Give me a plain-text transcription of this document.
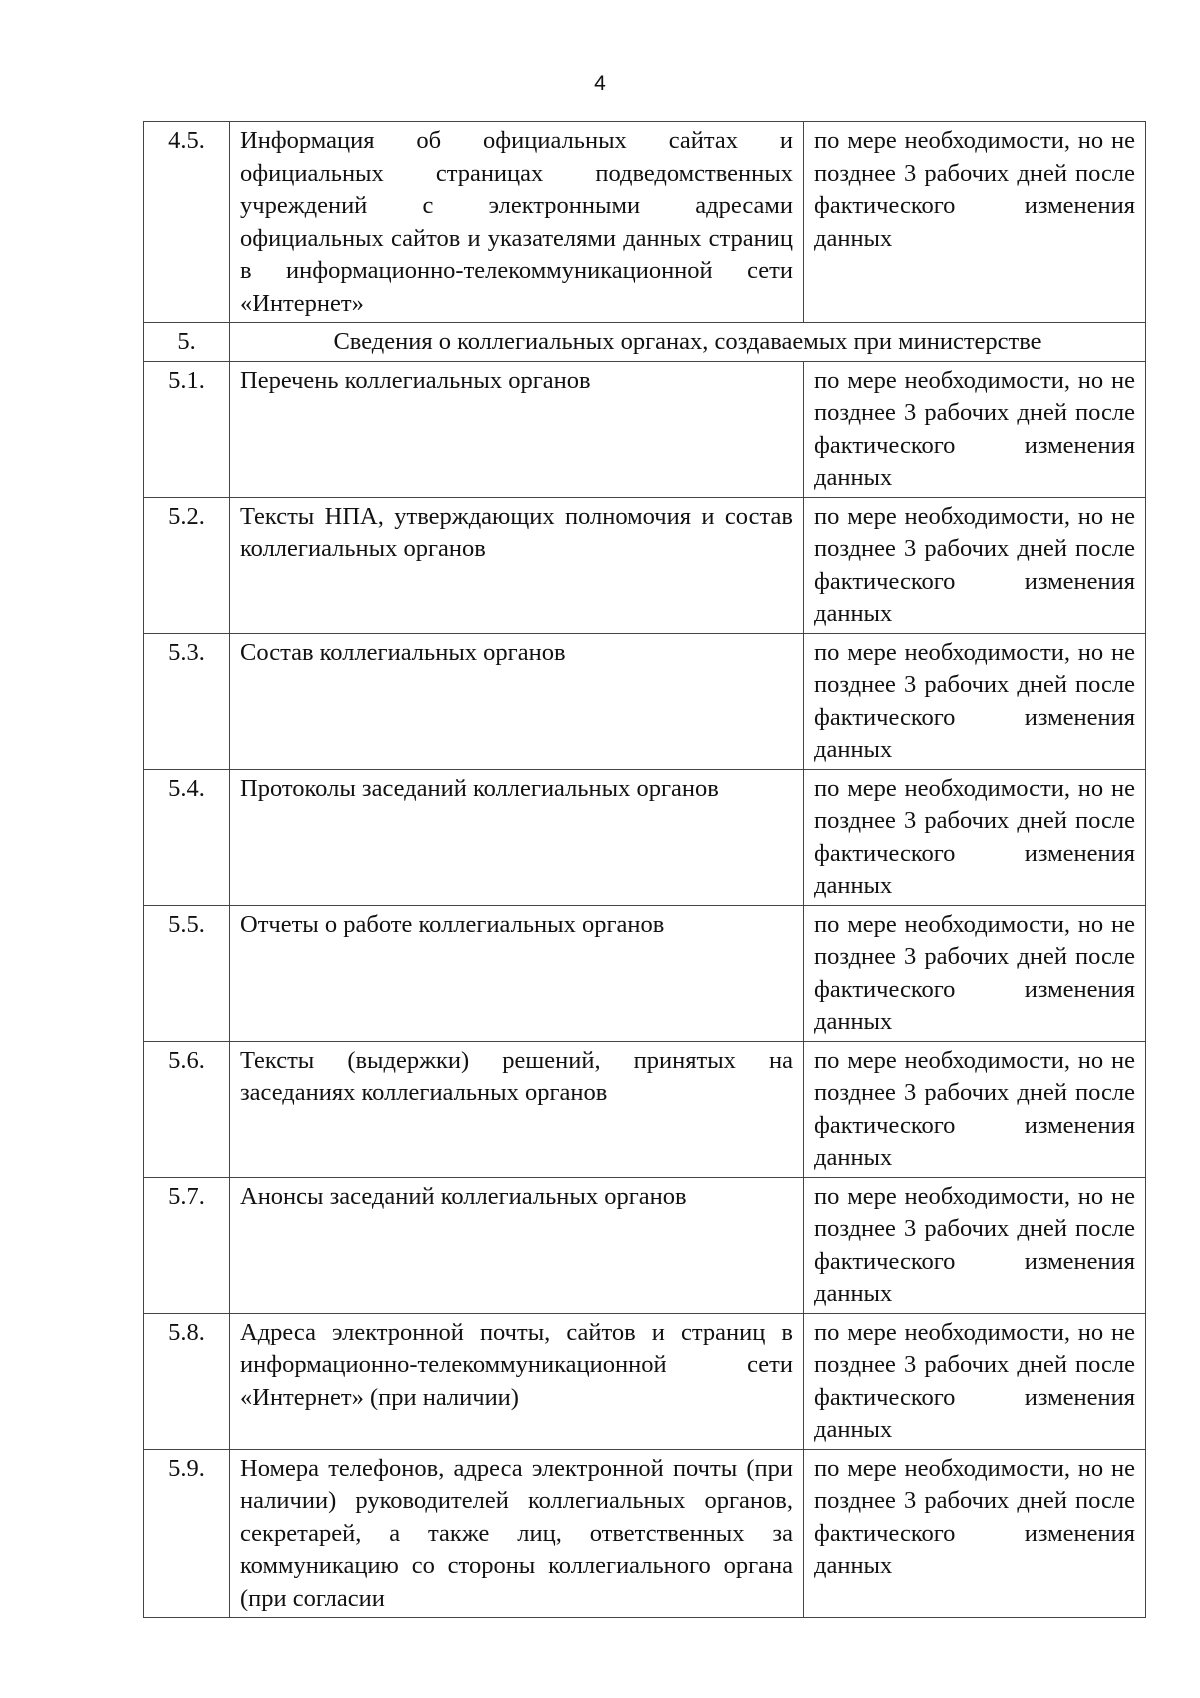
4
4.5.	Информация об официальных сайтах и официальных страницах подведомственных учреждений с электронными адресами официальных сайтов и указателями данных страниц в информационно-телекоммуникационной сети «Интернет»	по мере необходимости, но не позднее 3 рабочих дней после фактического изменения данных
5.	Сведения о коллегиальных органах, создаваемых при министерстве	
5.1.	Перечень коллегиальных органов	по мере необходимости, но не позднее 3 рабочих дней после фактического изменения данных
5.2.	Тексты НПА, утверждающих полномочия и состав коллегиальных органов	по мере необходимости, но не позднее 3 рабочих дней после фактического изменения данных
5.3.	Состав коллегиальных органов	по мере необходимости, но не позднее 3 рабочих дней после фактического изменения данных
5.4.	Протоколы заседаний коллегиальных органов	по мере необходимости, но не позднее 3 рабочих дней после фактического изменения данных
5.5.	Отчеты о работе коллегиальных органов	по мере необходимости, но не позднее 3 рабочих дней после фактического изменения данных
5.6.	Тексты (выдержки) решений, принятых на заседаниях коллегиальных органов	по мере необходимости, но не позднее 3 рабочих дней после фактического изменения данных
5.7.	Анонсы заседаний коллегиальных органов	по мере необходимости, но не позднее 3 рабочих дней после фактического изменения данных
5.8.	Адреса электронной почты, сайтов и страниц в информационно-телекоммуникационной сети «Интернет» (при наличии)	по мере необходимости, но не позднее 3 рабочих дней после фактического изменения данных
5.9.	Номера телефонов, адреса электронной почты (при наличии) руководителей коллегиальных органов, секретарей, а также лиц, ответственных за коммуникацию со стороны коллегиального органа (при согласии	по мере необходимости, но не позднее 3 рабочих дней после фактического изменения данных
